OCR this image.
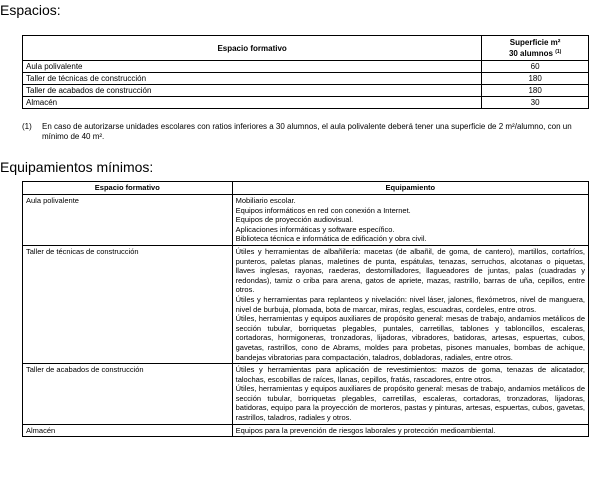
Espacios:
Espacio formativo	Superficie m²
30 alumnos $^{(1)}$

Aula polivalente	60
Taller de técnicas de construcción	180
Taller de acabados de construcción	180
Almacén	30
(1) En caso de autorizarse unidades escolares con ratios inferiores a 30 alumnos, el aula polivalente deberá tener una superficie de 2 m²/alumno, con un mínimo de 40 m².
Equipamientos mínimos:
Espacio formativo	Equipamiento
Aula polivalente	Mobiliario escolar.
Equipos informáticos en red con conexión a Internet.
Equipos de proyección audiovisual.
Aplicaciones informáticas y software específico.
Biblioteca técnica e informática de edificación y obra civil.

Taller de técnicas de construcción	Útiles y herramientas de albañilería: macetas (de albañil, de goma, de cantero), martillos, cortafríos, punteros, paletas planas, maletines de punta, espátulas, tenazas, serruchos, alcotanas o piquetas, llaves inglesas, rayonas, raederas, destornilladores, llagueadores de juntas, palas (cuadradas y redondas), tamiz o criba para arena, gatos de apriete, mazas, rastrillo, barras de uña, cepillos, entre otros.
Útiles y herramientas para replanteos y nivelación: nivel láser, jalones, flexómetros, nivel de manguera, nivel de burbuja, plomada, bota de marcar, miras, reglas, escuadras, cordeles, entre otros.
Útiles, herramientas y equipos auxiliares de propósito general: mesas de trabajo, andamios metálicos de sección tubular, borriquetas plegables, puntales, carretillas, tablones y tabloncillos, escaleras, cortadoras, hormigoneras, tronzadoras, lijadoras, vibradores, batidoras, artesas, espuertas, cubos, gavetas, rastrillos, cono de Abrams, moldes para probetas, pisones manuales, bombas de achique, bandejas vibratorias para compactación, taladros, dobladoras, radiales, entre otros.

Taller de acabados de construcción	Útiles y herramientas para aplicación de revestimientos: mazos de goma, tenazas de alicatador, talochas, escobillas de raíces, llanas, cepillos, fratás, rascadores, entre otros.
Útiles, herramientas y equipos auxiliares de propósito general: mesas de trabajo, andamios metálicos de sección tubular, borriquetas plegables, carretillas, escaleras, cortadoras, tronzadoras, lijadoras, batidoras, equipo para la proyección de morteros, pastas y pinturas, artesas, espuertas, cubos, gavetas, rastrillos, taladros, radiales y otros.

Almacén	Equipos para la prevención de riesgos laborales y protección medioambiental.
